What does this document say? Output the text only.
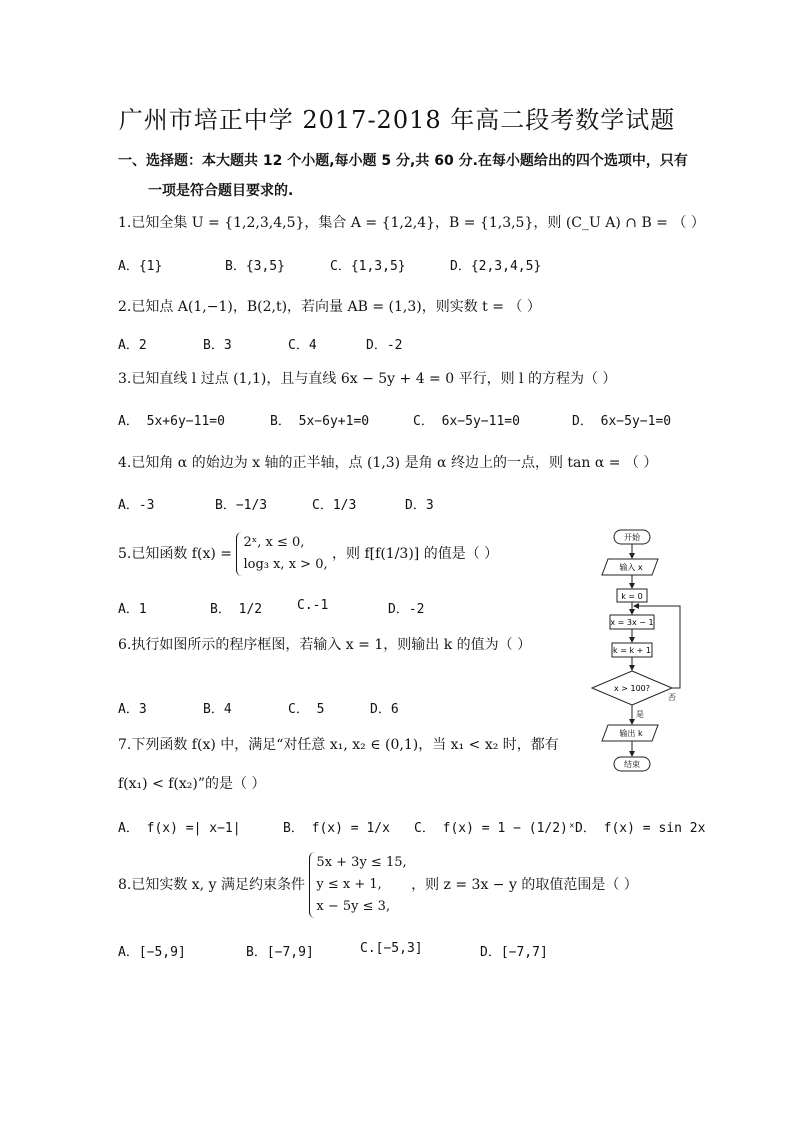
广州市培正中学 2017-2018 年高二段考数学试题
一、选择题：本大题共 12 个小题,每小题 5 分,共 60 分.在每小题给出的四个选项中，只有
一项是符合题目要求的.
1.已知全集 U = {1,2,3,4,5}，集合 A = {1,2,4}，B = {1,3,5}，则 (C_U A) ∩ B = （ ）
A．{1}	B．{3,5}	C．{1,3,5}	D．{2,3,4,5}
2.已知点 A(1,−1)，B(2,t)，若向量 AB = (1,3)，则实数 t = （ ）
A．2	B．3	C．4	D．-2
3.已知直线 l 过点 (1,1)，且与直线 6x − 5y + 4 = 0 平行，则 l 的方程为（ ）
A． 5x+6y−11=0	B． 5x−6y+1=0	C． 6x−5y−11=0	D． 6x−5y−1=0
4.已知角 α 的始边为 x 轴的正半轴，点 (1,3) 是角 α 终边上的一点，则 tan α = （ ）
A．-3	B．−1/3	C．1/3	D．3
5.已知函数 f(x) =
2ˣ, x ≤ 0,
log₃ x, x > 0,
，则 f[f(1/3)] 的值是（ ）
A．1	B． 1/2	C.-1	D．-2
6.执行如图所示的程序框图，若输入 x = 1，则输出 k 的值为（ ）
A．3	B．4	C． 5	D．6
7.下列函数 f(x) 中，满足“对任意 x₁, x₂ ∈ (0,1)，当 x₁ < x₂ 时，都有
f(x₁) < f(x₂)”的是（ ）
A． f(x) =| x−1|	B． f(x) = 1/x C． f(x) = 1 − (1/2)ˣ D． f(x) = sin 2x
8.已知实数 x, y 满足约束条件
5x + 3y ≤ 15,
y ≤ x + 1,
x − 5y ≤ 3,
，则 z = 3x − y 的取值范围是（ ）
A．[−5,9]	B．[−7,9]	C.[−5,3]	D．[−7,7]
开始
输入 x
k = 0
x = 3x − 1
k = k + 1
x > 100?
否
是
输出 k
结束
